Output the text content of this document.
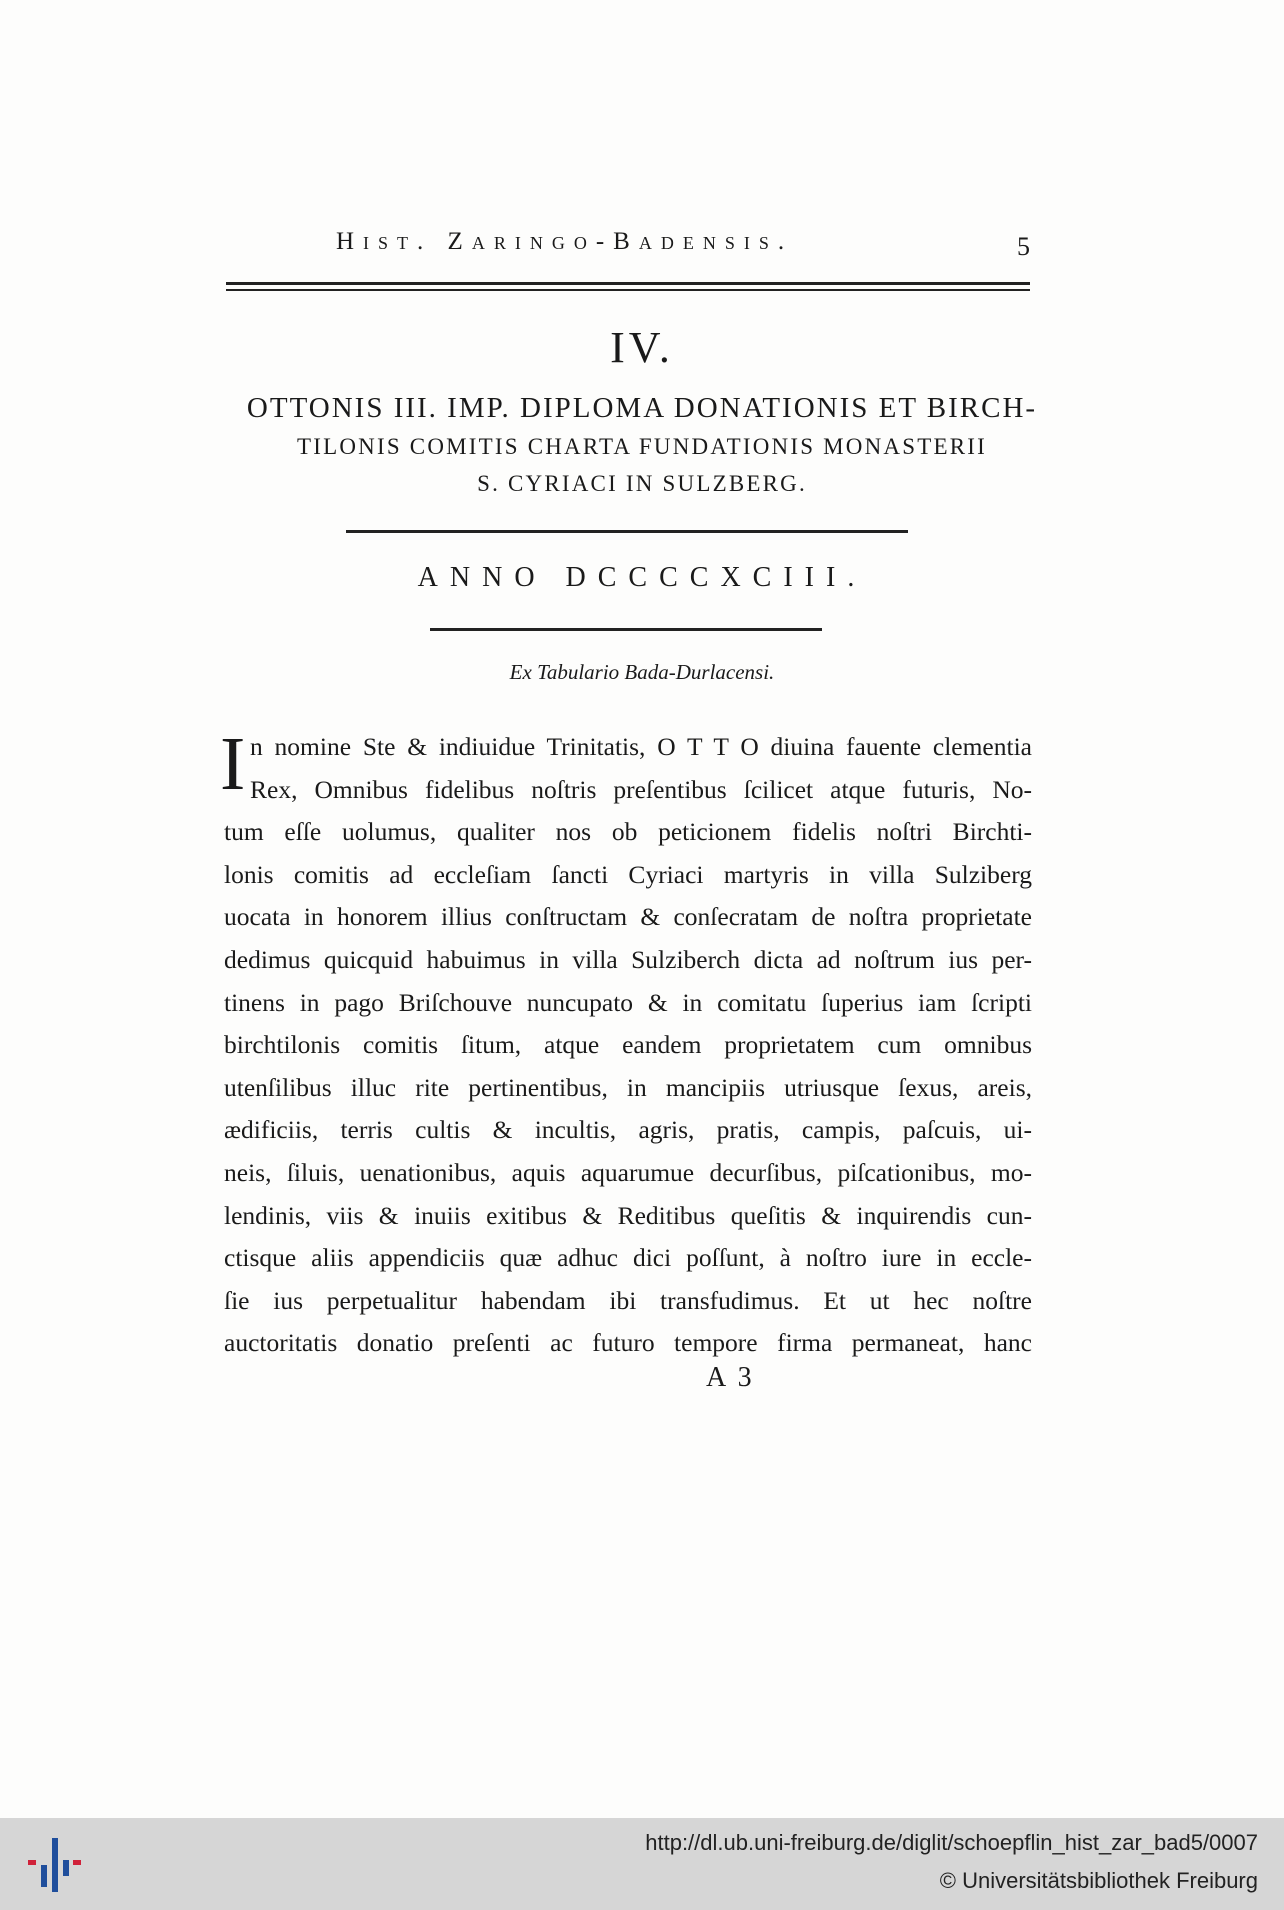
Hist. Zaringo-Badensis.	5
IV.
OTTONIS III. IMP. DIPLOMA DONATIONIS ET BIRCH-
TILONIS COMITIS CHARTA FUNDATIONIS MONASTERII
S. CYRIACI IN SULZBERG.
ANNO DCCCCXCIII.
Ex Tabulario Bada-Durlacensi.
I n nomine Ste & indiuidue Trinitatis, O T T O diuina fauente clementia
Rex, Omnibus fidelibus noſtris preſentibus ſcilicet atque futuris, No-
tum eſſe uolumus, qualiter nos ob peticionem fidelis noſtri Birchti-
lonis comitis ad eccleſiam ſancti Cyriaci martyris in villa Sulziberg
uocata in honorem illius conſtructam & conſecratam de noſtra proprietate
dedimus quicquid habuimus in villa Sulziberch dicta ad noſtrum ius per-
tinens in pago Briſchouve nuncupato & in comitatu ſuperius iam ſcripti
birchtilonis comitis ſitum, atque eandem proprietatem cum omnibus
utenſilibus illuc rite pertinentibus, in mancipiis utriusque ſexus, areis,
ædificiis, terris cultis & incultis, agris, pratis, campis, paſcuis, ui-
neis, ſiluis, uenationibus, aquis aquarumue decurſibus, piſcationibus, mo-
lendinis, viis & inuiis exitibus & Reditibus queſitis & inquirendis cun-
ctisque aliis appendiciis quæ adhuc dici poſſunt, à noſtro iure in eccle-
ſie ius perpetualitur habendam ibi transfudimus. Et ut hec noſtre
auctoritatis donatio preſenti ac futuro tempore firma permaneat, hanc
A 3
http://dl.ub.uni-freiburg.de/diglit/schoepflin_hist_zar_bad5/0007
© Universitätsbibliothek Freiburg
